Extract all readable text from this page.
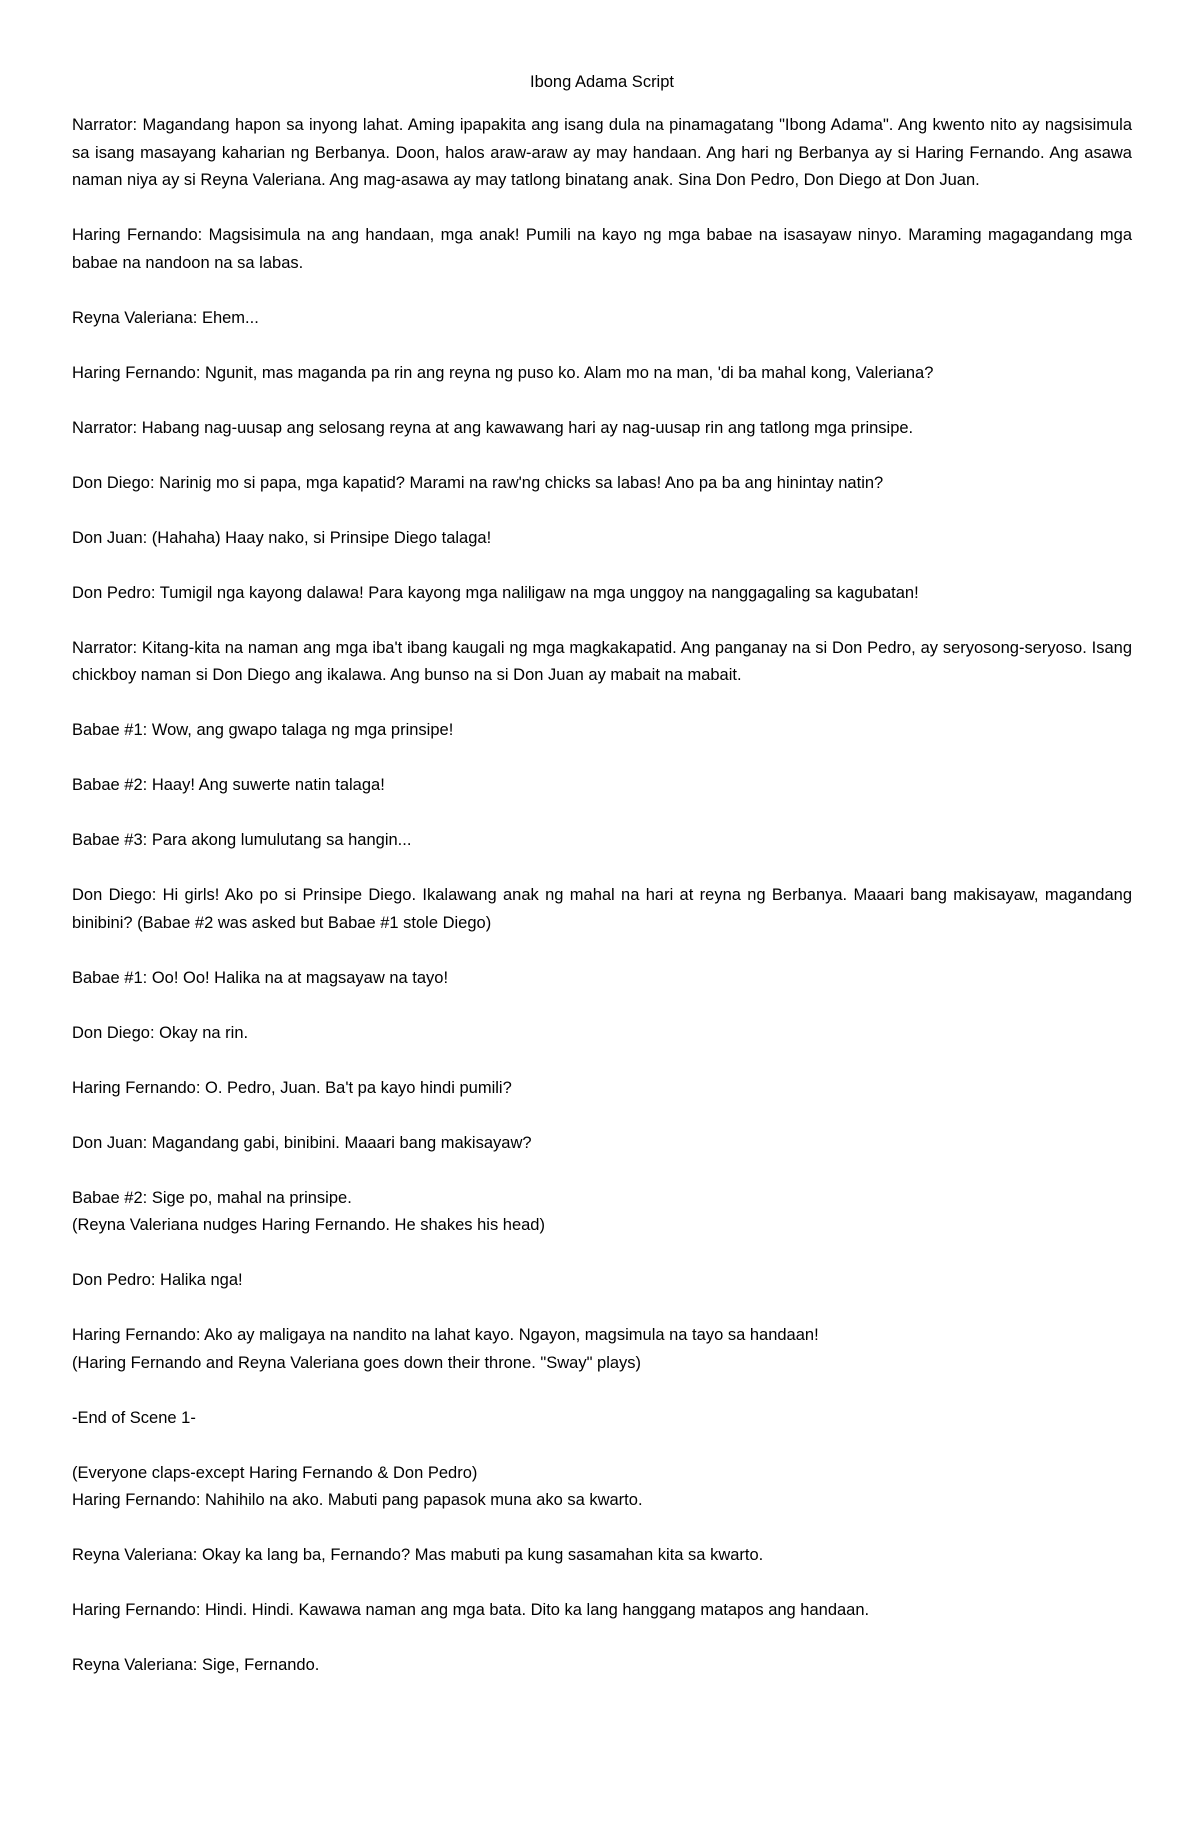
Ibong Adama Script
Narrator: Magandang hapon sa inyong lahat. Aming ipapakita ang isang dula na pinamagatang "Ibong Adama". Ang kwento nito ay nagsisimula sa isang masayang kaharian ng Berbanya. Doon, halos araw-araw ay may handaan. Ang hari ng Berbanya ay si Haring Fernando. Ang asawa naman niya ay si Reyna Valeriana. Ang mag-asawa ay may tatlong binatang anak. Sina Don Pedro, Don Diego at Don Juan.
Haring Fernando: Magsisimula na ang handaan, mga anak! Pumili na kayo ng mga babae na isasayaw ninyo. Maraming magagandang mga babae na nandoon na sa labas.
Reyna Valeriana: Ehem...
Haring Fernando: Ngunit, mas maganda pa rin ang reyna ng puso ko. Alam mo na man, 'di ba mahal kong, Valeriana?
Narrator: Habang nag-uusap ang selosang reyna at ang kawawang hari ay nag-uusap rin ang tatlong mga prinsipe.
Don Diego: Narinig mo si papa, mga kapatid? Marami na raw'ng chicks sa labas! Ano pa ba ang hinintay natin?
Don Juan: (Hahaha) Haay nako, si Prinsipe Diego talaga!
Don Pedro: Tumigil nga kayong dalawa! Para kayong mga naliligaw na mga unggoy na nanggagaling sa kagubatan!
Narrator: Kitang-kita na naman ang mga iba't ibang kaugali ng mga magkakapatid. Ang panganay na si Don Pedro, ay seryosong-seryoso. Isang chickboy naman si Don Diego ang ikalawa. Ang bunso na si Don Juan ay mabait na mabait.
Babae #1: Wow, ang gwapo talaga ng mga prinsipe!
Babae #2: Haay! Ang suwerte natin talaga!
Babae #3: Para akong lumulutang sa hangin...
Don Diego: Hi girls! Ako po si Prinsipe Diego. Ikalawang anak ng mahal na hari at reyna ng Berbanya. Maaari bang makisayaw, magandang binibini? (Babae #2 was asked but Babae #1 stole Diego)
Babae #1: Oo! Oo! Halika na at magsayaw na tayo!
Don Diego: Okay na rin.
Haring Fernando: O. Pedro, Juan. Ba't pa kayo hindi pumili?
Don Juan: Magandang gabi, binibini. Maaari bang makisayaw?
Babae #2: Sige po, mahal na prinsipe.
(Reyna Valeriana nudges Haring Fernando. He shakes his head)
Don Pedro: Halika nga!
Haring Fernando: Ako ay maligaya na nandito na lahat kayo. Ngayon, magsimula na tayo sa handaan!
(Haring Fernando and Reyna Valeriana goes down their throne. "Sway" plays)
-End of Scene 1-
(Everyone claps-except Haring Fernando & Don Pedro)
Haring Fernando: Nahihilo na ako. Mabuti pang papasok muna ako sa kwarto.
Reyna Valeriana: Okay ka lang ba, Fernando? Mas mabuti pa kung sasamahan kita sa kwarto.
Haring Fernando: Hindi. Hindi. Kawawa naman ang mga bata. Dito ka lang hanggang matapos ang handaan.
Reyna Valeriana: Sige, Fernando.
